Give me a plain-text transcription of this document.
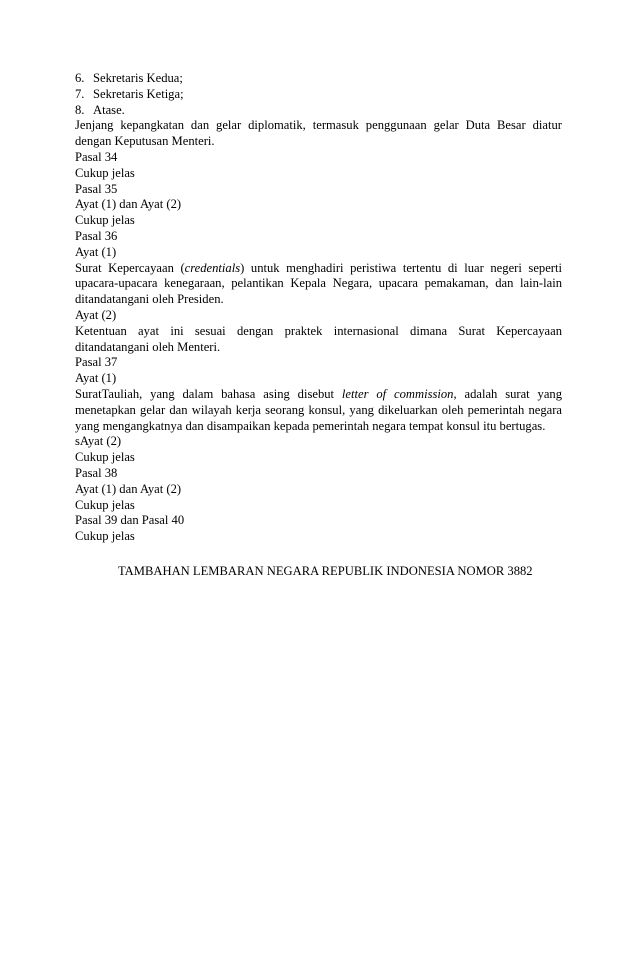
6. Sekretaris Kedua;
7. Sekretaris Ketiga;
8. Atase.
Jenjang kepangkatan dan gelar diplomatik, termasuk penggunaan gelar Duta Besar diatur dengan Keputusan Menteri.
Pasal 34
Cukup jelas
Pasal 35
Ayat (1) dan Ayat (2)
Cukup jelas
Pasal 36
Ayat (1)
Surat Kepercayaan (credentials) untuk menghadiri peristiwa tertentu di luar negeri seperti upacara-upacara kenegaraan, pelantikan Kepala Negara, upacara pemakaman, dan lain-lain ditandatangani oleh Presiden.
Ayat (2)
Ketentuan ayat ini sesuai dengan praktek internasional dimana Surat Kepercayaan ditandatangani oleh Menteri.
Pasal 37
Ayat (1)
SuratTauliah, yang dalam bahasa asing disebut letter of commission, adalah surat yang menetapkan gelar dan wilayah kerja seorang konsul, yang dikeluarkan oleh pemerintah negara yang mengangkatnya dan disampaikan kepada pemerintah negara tempat konsul itu bertugas.
sAyat (2)
Cukup jelas
Pasal 38
Ayat (1) dan Ayat (2)
Cukup jelas
Pasal 39 dan Pasal 40
Cukup jelas
TAMBAHAN LEMBARAN NEGARA REPUBLIK INDONESIA NOMOR 3882
